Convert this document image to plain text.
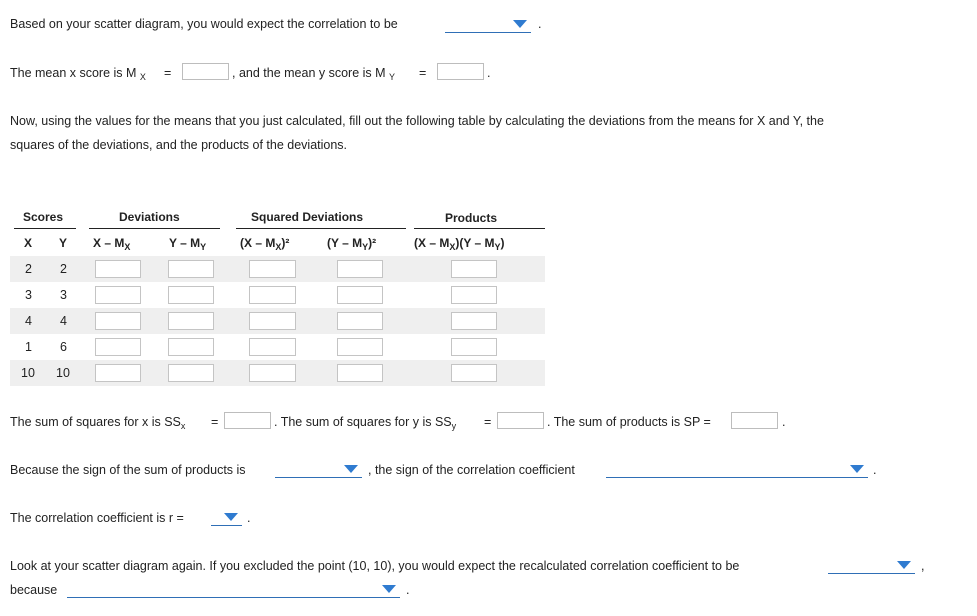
Based on your scatter diagram, you would expect the correlation to be	.
The mean x score is M $_X$ =	, and the mean y score is M $_Y$ =	.
Now, using the values for the means that you just calculated, fill out the following table by calculating the deviations from the means for X and Y, the
squares of the deviations, and the products of the deviations.
Scores	Deviations	Squared Deviations	Products
X Y X – $M_X$	Y – $M_Y$	$(X - M_X)^2$	$(Y - M_Y)^2$	$(X - M_X)(Y - M_Y)$
2 2
3 3
4 4
1 6
10 10
The sum of squares for x is $SS_x$ =	. The sum of squares for y is $SS_y$ =	. The sum of products is SP =	.
Because the sign of the sum of products is	, the sign of the correlation coefficient	.
The correlation coefficient is r =	.
Look at your scatter diagram again. If you excluded the point (10, 10), you would expect the recalculated correlation coefficient to be	,
because	.
